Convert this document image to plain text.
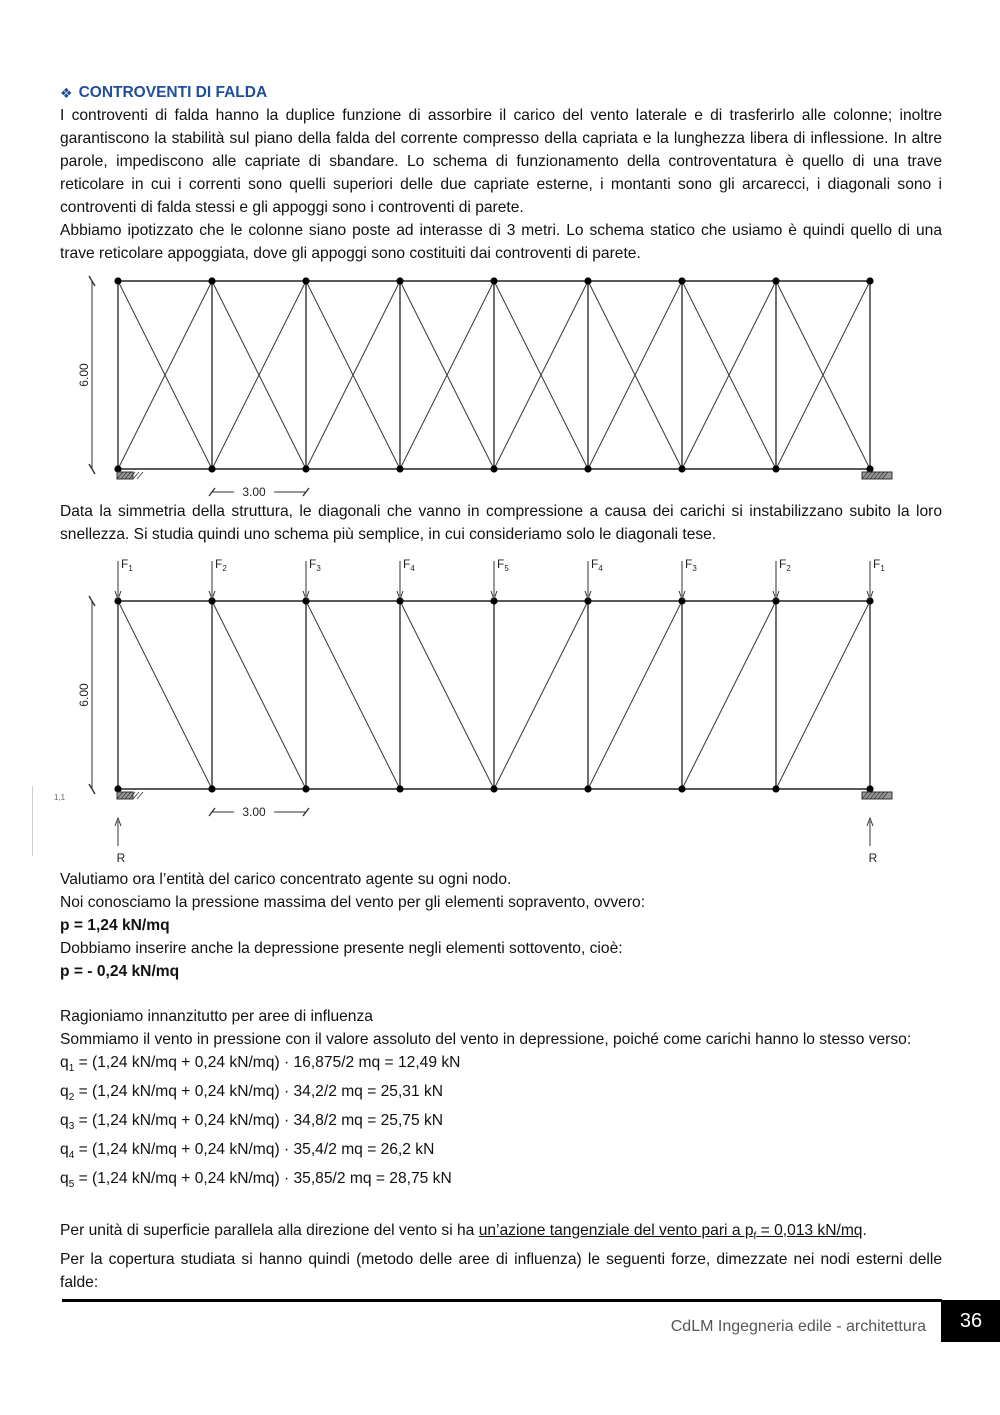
❖ CONTROVENTI DI FALDA

I controventi di falda hanno la duplice funzione di assorbire il carico del vento laterale e di trasferirlo alle colonne; inoltre garantiscono la stabilità sul piano della falda del corrente compresso della capriata e la lunghezza libera di inflessione. In altre parole, impediscono alle capriate di sbandare. Lo schema di funzionamento della controventatura è quello di una trave reticolare in cui i correnti sono quelli superiori delle due capriate esterne, i montanti sono gli arcarecci, i diagonali sono i controventi di falda stessi e gli appoggi sono i controventi di parete.

Abbiamo ipotizzato che le colonne siano poste ad interasse di 3 metri. Lo schema statico che usiamo è quindi quello di una trave reticolare appoggiata, dove gli appoggi sono costituiti dai controventi di parete.

6.00
3.00

Data la simmetria della struttura, le diagonali che vanno in compressione a causa dei carichi si instabilizzano subito la loro snellezza. Si studia quindi uno schema più semplice, in cui consideriamo solo le diagonali tese.

6.00
3.00
$F_1$	$F_2$	$F_3$	$F_4$	$F_5$	$F_4$	$F_3$	$F_2$	$F_1$
R	R

Valutiamo ora l’entità del carico concentrato agente su ogni nodo.

Noi conosciamo la pressione massima del vento per gli elementi sopravento, ovvero:

p = 1,24 kN/mq

Dobbiamo inserire anche la depressione presente negli elementi sottovento, cioè:

p = - 0,24 kN/mq

Ragioniamo innanzitutto per aree di influenza

Sommiamo il vento in pressione con il valore assoluto del vento in depressione, poiché come carichi hanno lo stesso verso:

$q_1 = (1,24$ kN/mq + 0,24 kN/mq) · 16,875/2 mq = 12,49 kN

$q_2 = (1,24$ kN/mq + 0,24 kN/mq) · 34,2/2 mq = 25,31 kN

$q_3 = (1,24$ kN/mq + 0,24 kN/mq) · 34,8/2 mq = 25,75 kN

$q_4 = (1,24$ kN/mq + 0,24 kN/mq) · 35,4/2 mq = 26,2 kN

$q_5 = (1,24$ kN/mq + 0,24 kN/mq) · 35,85/2 mq = 28,75 kN

Per unità di superficie parallela alla direzione del vento si ha un’azione tangenziale del vento pari a $p_f = 0,013$ kN/mq.

Per la copertura studiata si hanno quindi (metodo delle aree di influenza) le seguenti forze, dimezzate nei nodi esterni delle falde:

1,1
CdLM Ingegneria edile - architettura	36
